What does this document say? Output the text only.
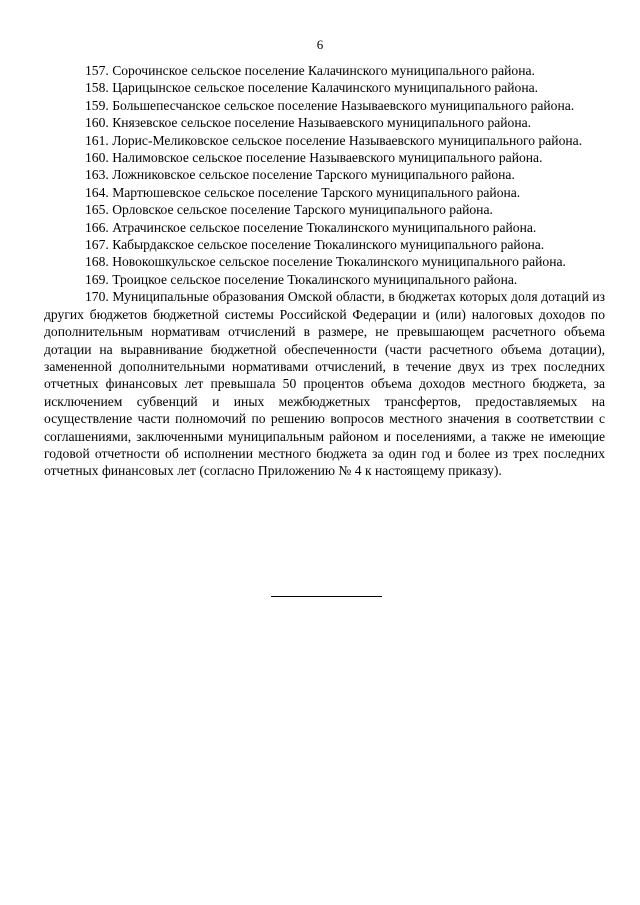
6

157. Сорочинское сельское поселение Калачинского муниципального района.

158. Царицынское сельское поселение Калачинского муниципального района.

159. Большепесчанское сельское поселение Называевского муниципального района.

160. Князевское сельское поселение Называевского муниципального района.

161. Лорис-Меликовское сельское поселение Называевского муниципального района.

160. Налимовское сельское поселение Называевского муниципального района.

163. Ложниковское сельское поселение Тарского муниципального района.

164. Мартюшевское сельское поселение Тарского муниципального района.

165. Орловское сельское поселение Тарского муниципального района.

166. Атрачинское сельское поселение Тюкалинского муниципального района.

167. Кабырдакское сельское поселение Тюкалинского муниципального района.

168. Новокошкульское сельское поселение Тюкалинского муниципального района.

169. Троицкое сельское поселение Тюкалинского муниципального района.

170. Муниципальные образования Омской области, в бюджетах которых доля дотаций из других бюджетов бюджетной системы Российской Федерации и (или) налоговых доходов по дополнительным нормативам отчислений в размере, не превышающем расчетного объема дотации на выравнивание бюджетной обеспеченности (части расчетного объема дотации), замененной дополнительными нормативами отчислений, в течение двух из трех последних отчетных финансовых лет превышала 50 процентов объема доходов местного бюджета, за исключением субвенций и иных межбюджетных трансфертов, предоставляемых на осуществление части полномочий по решению вопросов местного значения в соответствии с соглашениями, заключенными муниципальным районом и поселениями, а также не имеющие годовой отчетности об исполнении местного бюджета за один год и более из трех последних отчетных финансовых лет (согласно Приложению № 4 к настоящему приказу).
